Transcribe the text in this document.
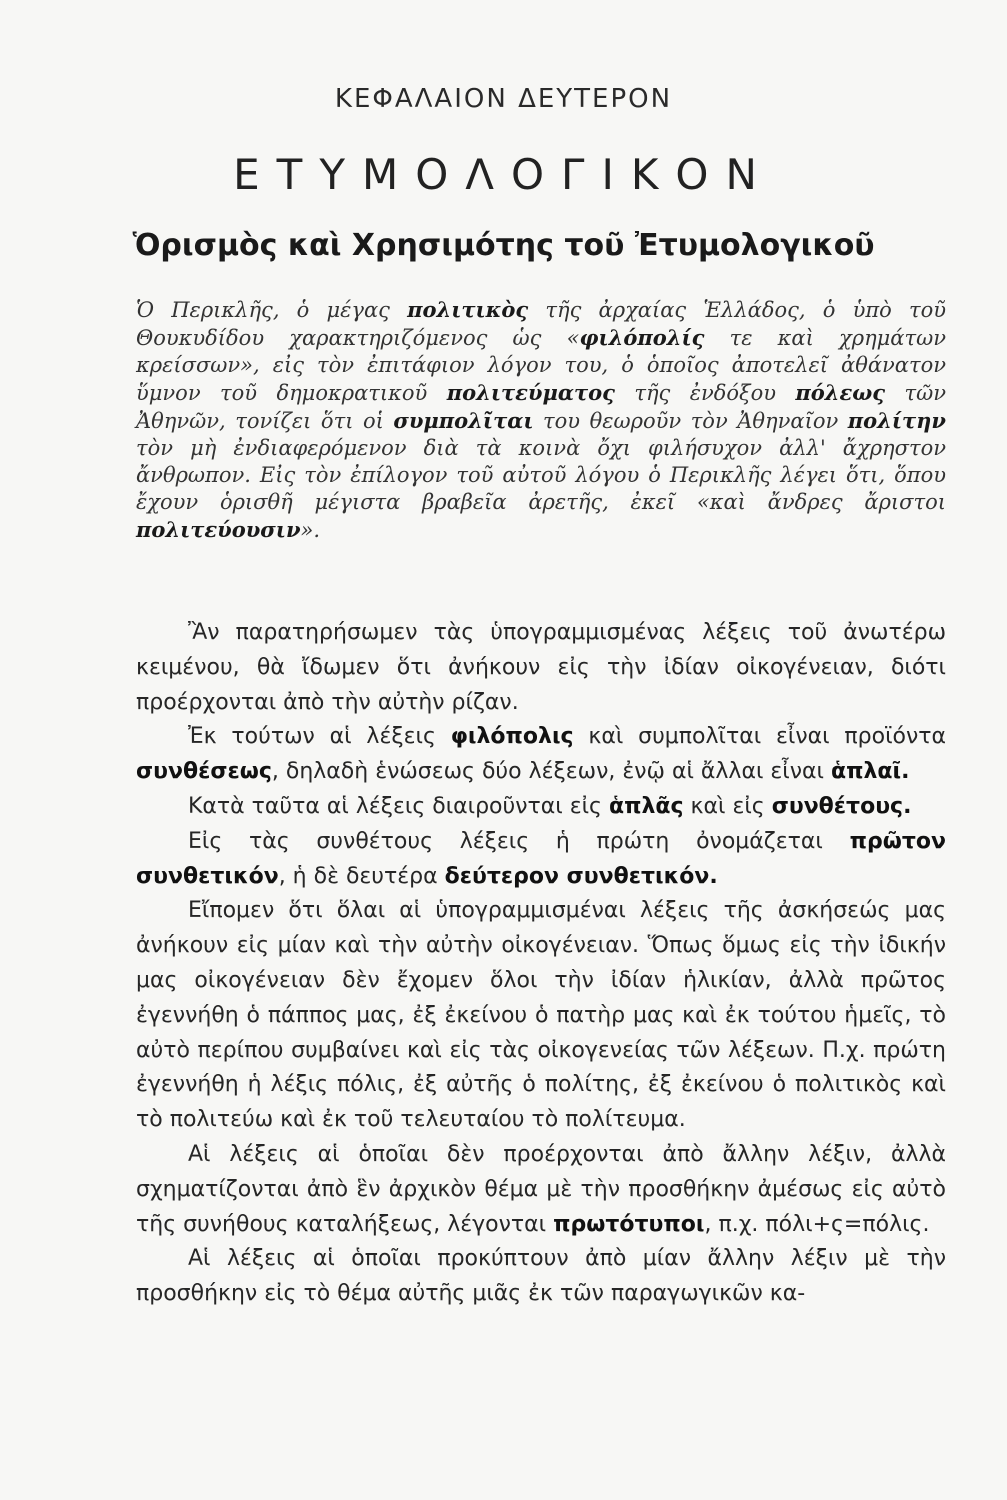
ΚΕΦΑΛΑΙΟΝ ΔΕΥΤΕΡΟΝ
ΕΤΥΜΟΛΟΓΙΚΟΝ
Ὁρισμὸς καὶ Χρησιμότης τοῦ Ἐτυμολογικοῦ
Ὁ Περικλῆς, ὁ μέγας πολιτικὸς τῆς ἀρχαίας Ἑλλάδος, ὁ ὑπὸ τοῦ Θουκυδίδου χαρακτηριζόμενος ὡς «φιλόπολίς τε καὶ χρημάτων κρείσσων», εἰς τὸν ἐπιτάφιον λόγον του, ὁ ὁποῖος ἀποτελεῖ ἀθάνατον ὕμνον τοῦ δημοκρατικοῦ πολιτεύματος τῆς ἐνδόξου πόλεως τῶν Ἀθηνῶν, τονίζει ὅτι οἱ συμπολῖται του θεωροῦν τὸν Ἀθηναῖον πολίτην τὸν μὴ ἐνδιαφερόμενον διὰ τὰ κοινὰ ὄχι φιλήσυχον ἀλλ' ἄχρηστον ἄνθρωπον. Εἰς τὸν ἐπίλογον τοῦ αὐτοῦ λόγου ὁ Περικλῆς λέγει ὅτι, ὅπου ἔχουν ὁρισθῆ μέγιστα βραβεῖα ἀρετῆς, ἐκεῖ «καὶ ἄνδρες ἄριστοι πολιτεύουσιν».

Ἂν παρατηρήσωμεν τὰς ὑπογραμμισμένας λέξεις τοῦ ἀνωτέρω κειμένου, θὰ ἴδωμεν ὅτι ἀνήκουν εἰς τὴν ἰδίαν οἰκογένειαν, διότι προέρχονται ἀπὸ τὴν αὐτὴν ρίζαν.

Ἐκ τούτων αἱ λέξεις φιλόπολις καὶ συμπολῖται εἶναι προϊόντα συνθέσεως, δηλαδὴ ἑνώσεως δύο λέξεων, ἐνῷ αἱ ἄλλαι εἶναι ἁπλαῖ.

Κατὰ ταῦτα αἱ λέξεις διαιροῦνται εἰς ἁπλᾶς καὶ εἰς συνθέτους.

Εἰς τὰς συνθέτους λέξεις ἡ πρώτη ὀνομάζεται πρῶτον συνθετικόν, ἡ δὲ δευτέρα δεύτερον συνθετικόν.

Εἴπομεν ὅτι ὅλαι αἱ ὑπογραμμισμέναι λέξεις τῆς ἀσκήσεώς μας ἀνήκουν εἰς μίαν καὶ τὴν αὐτὴν οἰκογένειαν. Ὅπως ὅμως εἰς τὴν ἰδικήν μας οἰκογένειαν δὲν ἔχομεν ὅλοι τὴν ἰδίαν ἡλικίαν, ἀλλὰ πρῶτος ἐγεννήθη ὁ πάππος μας, ἐξ ἐκείνου ὁ πατὴρ μας καὶ ἐκ τούτου ἡμεῖς, τὸ αὐτὸ περίπου συμβαίνει καὶ εἰς τὰς οἰκογενείας τῶν λέξεων. Π.χ. πρώτη ἐγεννήθη ἡ λέξις πόλις, ἐξ αὐτῆς ὁ πολίτης, ἐξ ἐκείνου ὁ πολιτικὸς καὶ τὸ πολιτεύω καὶ ἐκ τοῦ τελευταίου τὸ πολίτευμα.

Αἱ λέξεις αἱ ὁποῖαι δὲν προέρχονται ἀπὸ ἄλλην λέξιν, ἀλλὰ σχηματίζονται ἀπὸ ἓν ἀρχικὸν θέμα μὲ τὴν προσθήκην ἀμέσως εἰς αὐτὸ τῆς συνήθους καταλήξεως, λέγονται πρωτότυποι, π.χ. πόλι+ς=πόλις.

Αἱ λέξεις αἱ ὁποῖαι προκύπτουν ἀπὸ μίαν ἄλλην λέξιν μὲ τὴν προσθήκην εἰς τὸ θέμα αὐτῆς μιᾶς ἐκ τῶν παραγωγικῶν κα-
